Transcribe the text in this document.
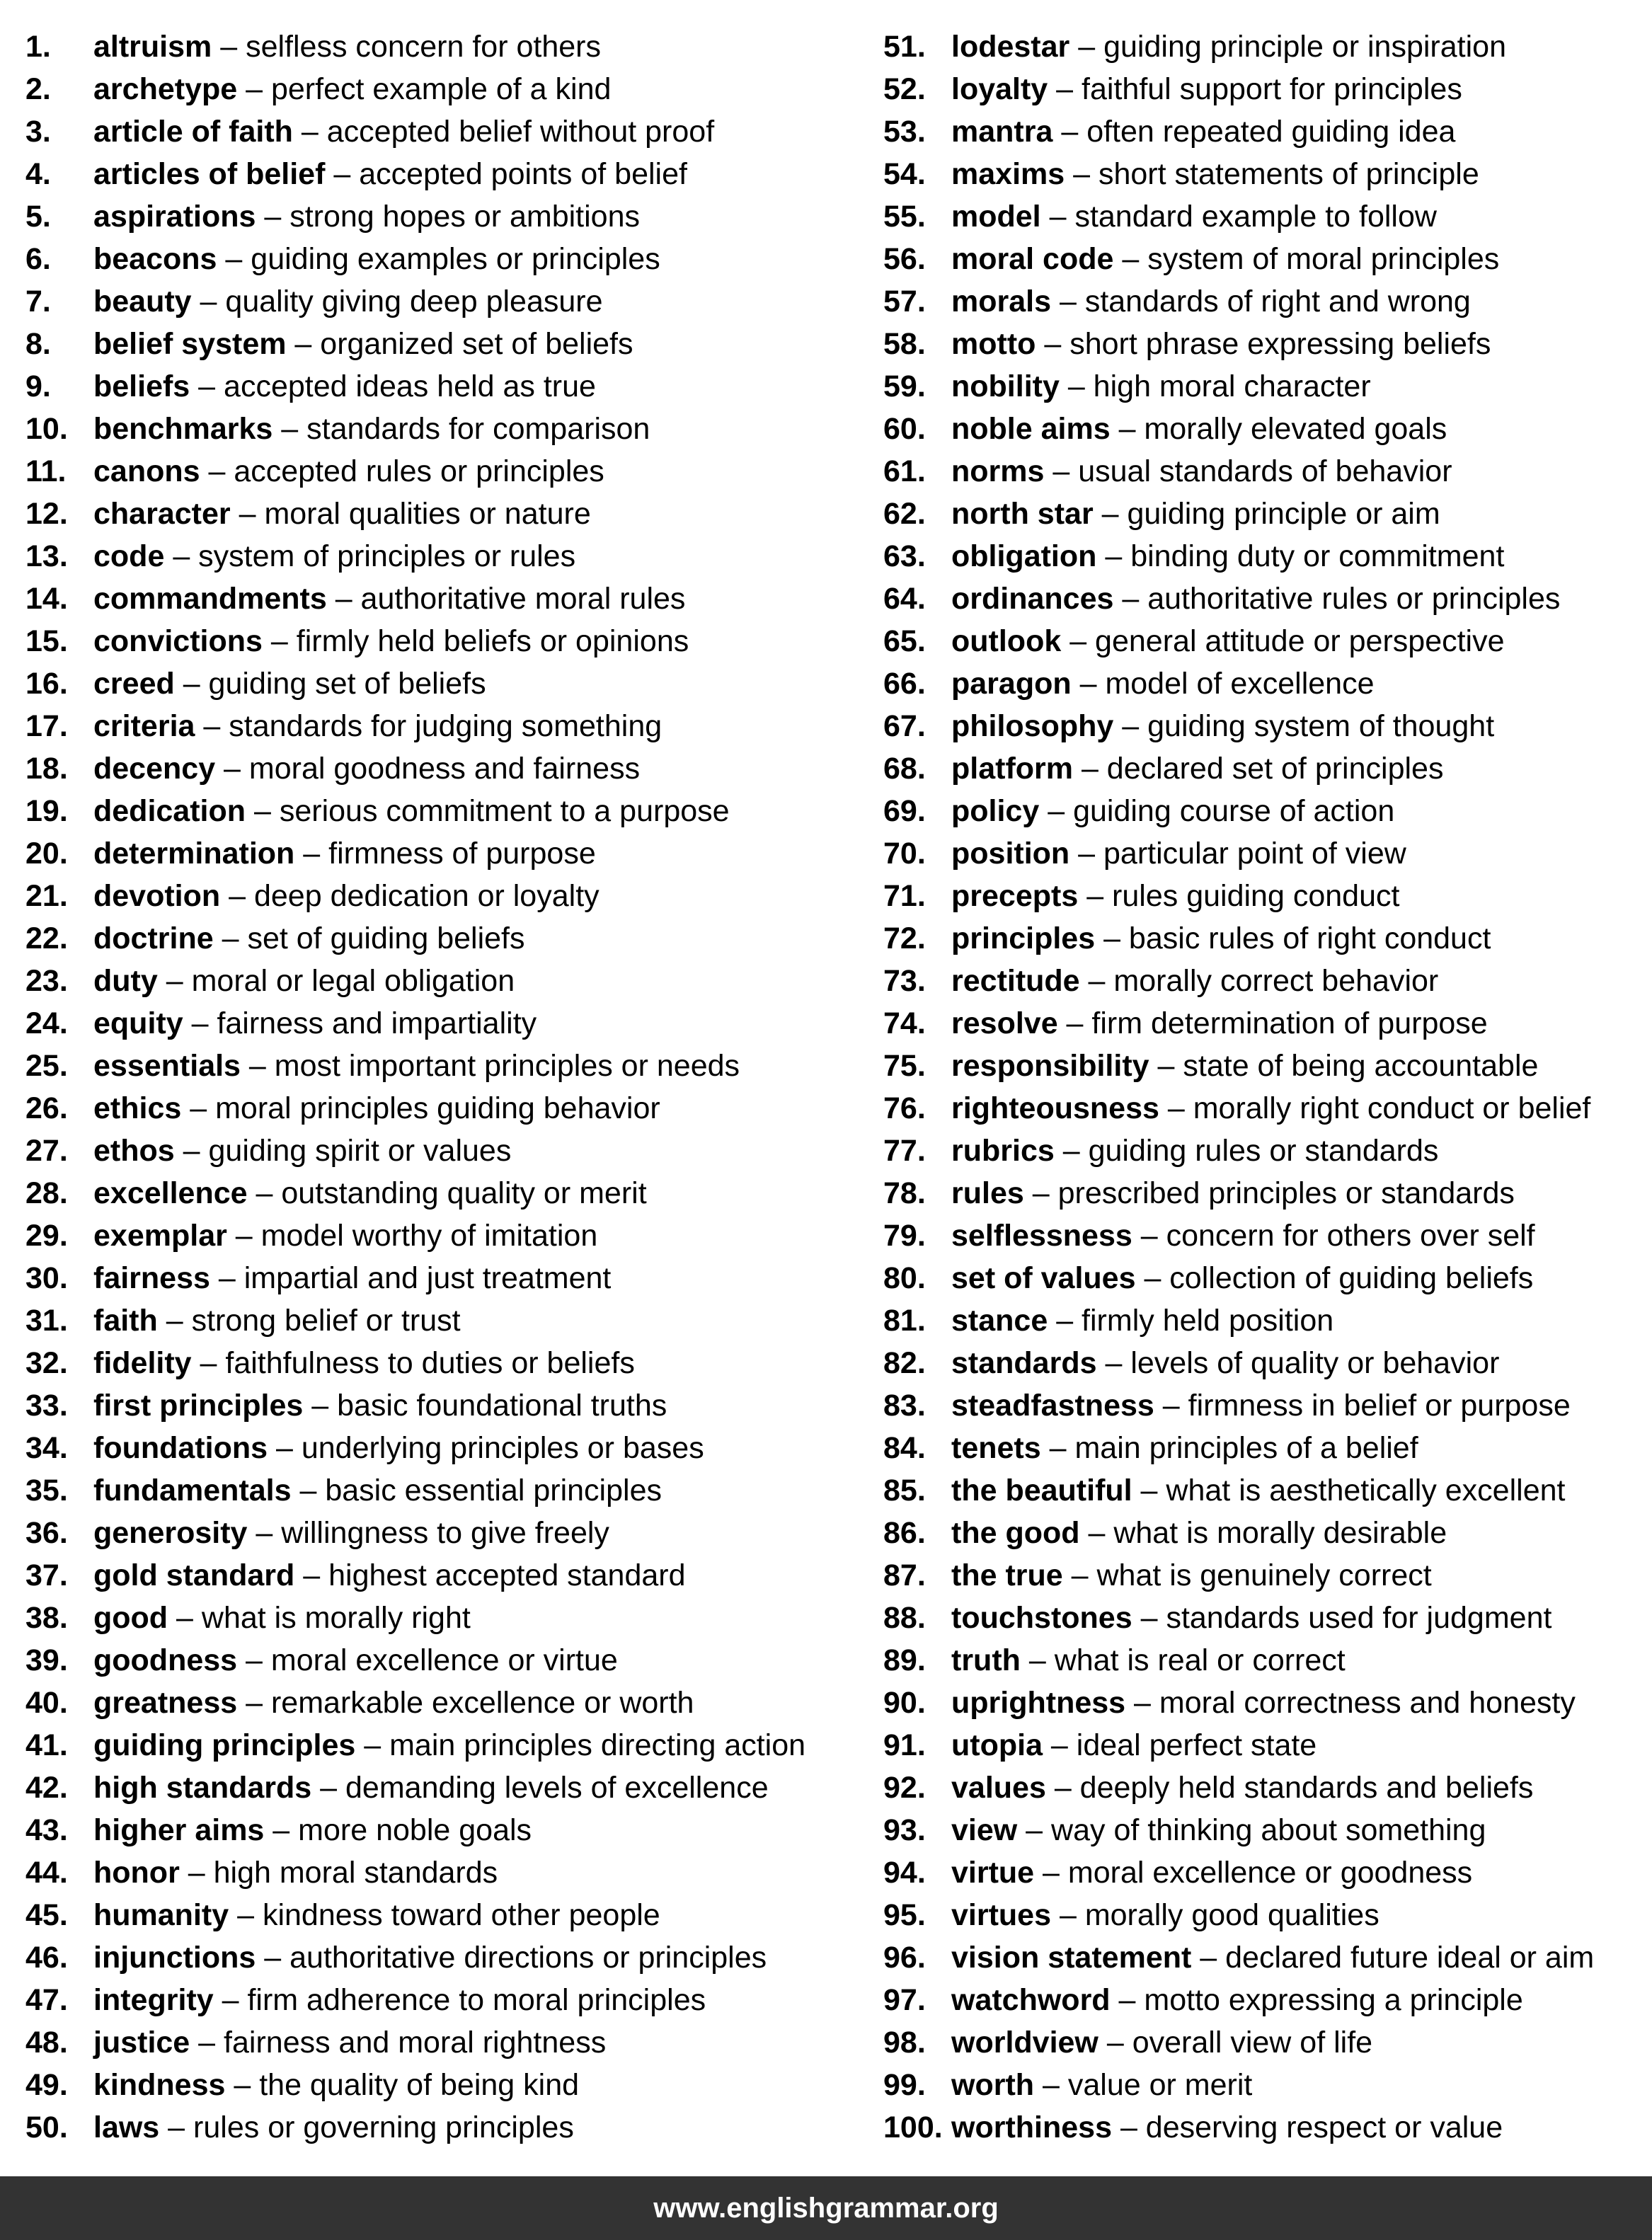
1. altruism – selfless concern for others
2. archetype – perfect example of a kind
3. article of faith – accepted belief without proof
4. articles of belief – accepted points of belief
5. aspirations – strong hopes or ambitions
6. beacons – guiding examples or principles
7. beauty – quality giving deep pleasure
8. belief system – organized set of beliefs
9. beliefs – accepted ideas held as true
10. benchmarks – standards for comparison
11. canons – accepted rules or principles
12. character – moral qualities or nature
13. code – system of principles or rules
14. commandments – authoritative moral rules
15. convictions – firmly held beliefs or opinions
16. creed – guiding set of beliefs
17. criteria – standards for judging something
18. decency – moral goodness and fairness
19. dedication – serious commitment to a purpose
20. determination – firmness of purpose
21. devotion – deep dedication or loyalty
22. doctrine – set of guiding beliefs
23. duty – moral or legal obligation
24. equity – fairness and impartiality
25. essentials – most important principles or needs
26. ethics – moral principles guiding behavior
27. ethos – guiding spirit or values
28. excellence – outstanding quality or merit
29. exemplar – model worthy of imitation
30. fairness – impartial and just treatment
31. faith – strong belief or trust
32. fidelity – faithfulness to duties or beliefs
33. first principles – basic foundational truths
34. foundations – underlying principles or bases
35. fundamentals – basic essential principles
36. generosity – willingness to give freely
37. gold standard – highest accepted standard
38. good – what is morally right
39. goodness – moral excellence or virtue
40. greatness – remarkable excellence or worth
41. guiding principles – main principles directing action
42. high standards – demanding levels of excellence
43. higher aims – more noble goals
44. honor – high moral standards
45. humanity – kindness toward other people
46. injunctions – authoritative directions or principles
47. integrity – firm adherence to moral principles
48. justice – fairness and moral rightness
49. kindness – the quality of being kind
50. laws – rules or governing principles
51. lodestar – guiding principle or inspiration
52. loyalty – faithful support for principles
53. mantra – often repeated guiding idea
54. maxims – short statements of principle
55. model – standard example to follow
56. moral code – system of moral principles
57. morals – standards of right and wrong
58. motto – short phrase expressing beliefs
59. nobility – high moral character
60. noble aims – morally elevated goals
61. norms – usual standards of behavior
62. north star – guiding principle or aim
63. obligation – binding duty or commitment
64. ordinances – authoritative rules or principles
65. outlook – general attitude or perspective
66. paragon – model of excellence
67. philosophy – guiding system of thought
68. platform – declared set of principles
69. policy – guiding course of action
70. position – particular point of view
71. precepts – rules guiding conduct
72. principles – basic rules of right conduct
73. rectitude – morally correct behavior
74. resolve – firm determination of purpose
75. responsibility – state of being accountable
76. righteousness – morally right conduct or belief
77. rubrics – guiding rules or standards
78. rules – prescribed principles or standards
79. selflessness – concern for others over self
80. set of values – collection of guiding beliefs
81. stance – firmly held position
82. standards – levels of quality or behavior
83. steadfastness – firmness in belief or purpose
84. tenets – main principles of a belief
85. the beautiful – what is aesthetically excellent
86. the good – what is morally desirable
87. the true – what is genuinely correct
88. touchstones – standards used for judgment
89. truth – what is real or correct
90. uprightness – moral correctness and honesty
91. utopia – ideal perfect state
92. values – deeply held standards and beliefs
93. view – way of thinking about something
94. virtue – moral excellence or goodness
95. virtues – morally good qualities
96. vision statement – declared future ideal or aim
97. watchword – motto expressing a principle
98. worldview – overall view of life
99. worth – value or merit
100. worthiness – deserving respect or value
www.englishgrammar.org
